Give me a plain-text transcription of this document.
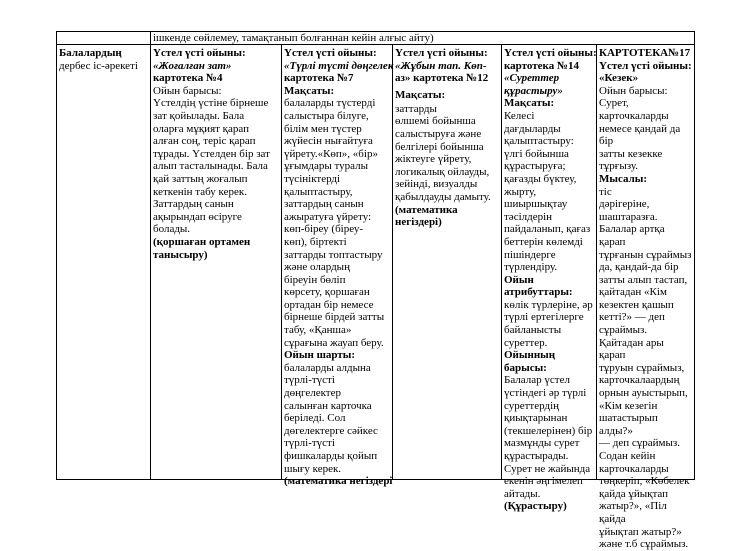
ішкенде сөйлемеу, тамақтанып болғаннан кейін алғыс айту)
Балалардың
дербес іс-әрекеті
Үстел үсті ойыны:
«Жоғалған зат»
картотека №4
Ойын барысы:
Үстелдің үстіне бірнеше
зат қойылады. Бала
оларға мұқият қарап
алған соң, теріс қарап
тұрады. Үстелден бір зат
алып тасталынады. Бала
қай заттың жоғалып
кеткенін табу керек.
Заттардың санын
ақырындап өсіруге
болады.
(қоршаған ортамен
танысыру)
Үстел үсті ойыны:
«Түрлі түсті дөңгелек
картотека №7
Мақсаты:
балаларды түстерді
салыстыра білуге,
білім мен түстер
жүйесін нығайтуға
үйрету.«Көп», «бір»
ұғымдары туралы
түсініктерді
қалыптастыру,
заттардың санын
ажыратуға үйрету:
көп-біреу (біреу-
көп), біртекті
заттарды топтастыру
және олардың
біреуін бөліп
көрсету, қоршаған
ортадан бір немесе
бірнеше бірдей затты
табу, «Қанша»
сұрағына жауап беру.
Ойын шарты:
балаларды алдына
түрлі-түсті
дөңгелектер
салынған карточка
беріледі. Сол
дөгелектерге сәйкес
түрлі-түсті
фишкаларды қойып
шығу керек.
(математика негіздері
Үстел үсті ойыны:
«Жұбын тап. Көп-
аз» картотека №12
Мақсаты:
заттарды
өлшемі бойынша
салыстыруға және
белгілері бойынша
жіктеуге үйрету,
логикалық ойлауды,
зейінді, визуалды
қабылдауды дамыту.
(математика
негіздері)
Үстел үсті ойыны:
картотека №14
«Суреттер
құрастыру»
Мақсаты:
Келесі
дағдыларды
қалыптастыру:
үлгі бойынша
құрастыруға;
қағазды бүктеу,
жырту,
шиыршықтау
тәсілдерін
пайдаланып, қағаз
беттерін көлемді
пішіндерге
түрлендіру.
Ойын
атрибуттары:
көлік түрлеріне, әр
түрлі ертегілерге
байланысты
суреттер.
Ойынның
барысы:
Балалар үстел
үстіндегі әр түрлі
суреттердің
қиықтарынан
(текшелерінен) бір
мазмұнды сурет
құрастырады.
Сурет не жайында
екенін әңгімелеп
айтады.
(Құрастыру)
КАРТОТЕКА№17
Үстел үсті ойыны:
«Кезек»
Ойын барысы:
Сурет,
карточкаларды
немесе қандай да бір
затты кезекке
тұрғызу.
Мысалы:
тіс
дәрігеріне,
шаштаразға.
Балалар артқа қарап
тұрғанын сұраймыз
да, қандай-да бір
затты алып тастап,
қайтадан «Кім
кезектен қашып
кетті?» — деп
сұраймыз.
Қайтадан ары қарап
тұруын сұраймыз,
карточкалаардың
орнын ауыстырып,
«Кім кезегін
шатастырып алды?»
— деп сұраймыз.
Содан кейін
карточкаларды
төңкеріп, «Көбелек
қайда ұйықтап
жатыр?», «Піл қайда
ұйықтап жатыр?»
және т.б сұраймыз.
